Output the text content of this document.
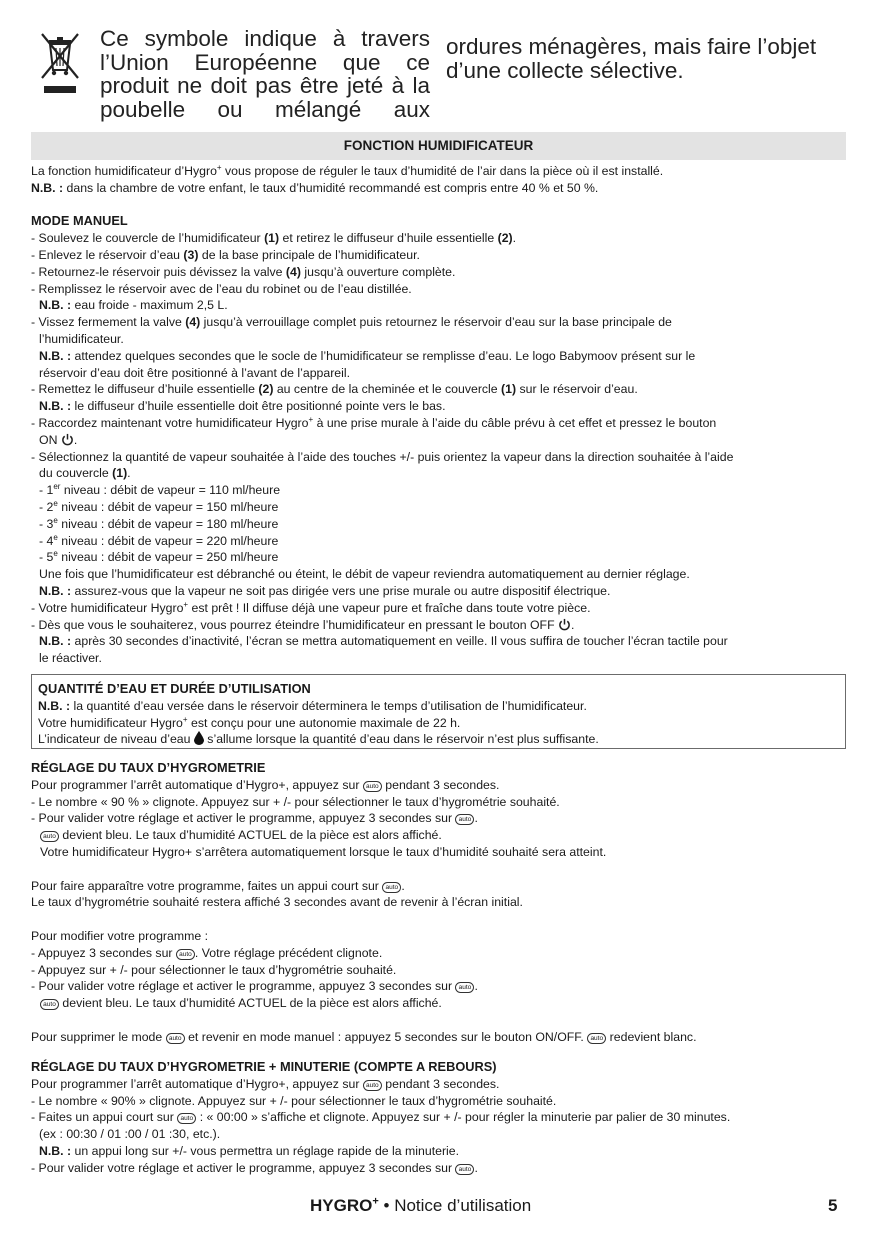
Ce symbole indique à travers
l’Union Européenne que ce
produit ne doit pas être jeté à la
poubelle ou mélangé aux
ordures ménagères, mais faire l’objet
d’une collecte sélective.
FONCTION HUMIDIFICATEUR
La fonction humidificateur d’Hygro+ vous propose de réguler le taux d’humidité de l’air dans la pièce où il est installé.
N.B. : dans la chambre de votre enfant, le taux d’humidité recommandé est compris entre 40 % et 50 %.
MODE MANUEL
- Soulevez le couvercle de l’humidificateur (1) et retirez le diffuseur d’huile essentielle (2).
- Enlevez le réservoir d’eau (3) de la base principale de l’humidificateur.
- Retournez-le réservoir puis dévissez la valve (4) jusqu’à ouverture complète.
- Remplissez le réservoir avec de l’eau du robinet ou de l’eau distillée.
N.B. : eau froide - maximum 2,5 L.
- Vissez fermement la valve (4) jusqu’à verrouillage complet puis retournez le réservoir d’eau sur la base principale de
l’humidificateur.
N.B. : attendez quelques secondes que le socle de l’humidificateur se remplisse d’eau. Le logo Babymoov présent sur le
réservoir d’eau doit être positionné à l’avant de l’appareil.
- Remettez le diffuseur d’huile essentielle (2) au centre de la cheminée et le couvercle (1) sur le réservoir d’eau.
N.B. : le diffuseur d’huile essentielle doit être positionné pointe vers le bas.
- Raccordez maintenant votre humidificateur Hygro+ à une prise murale à l’aide du câble prévu à cet effet et pressez le bouton
ON .
- Sélectionnez la quantité de vapeur souhaitée à l’aide des touches +/- puis orientez la vapeur dans la direction souhaitée à l’aide
du couvercle (1).
- 1er niveau : débit de vapeur = 110 ml/heure
- 2e niveau : débit de vapeur = 150 ml/heure
- 3e niveau : débit de vapeur = 180 ml/heure
- 4e niveau : débit de vapeur = 220 ml/heure
- 5e niveau : débit de vapeur = 250 ml/heure
Une fois que l’humidificateur est débranché ou éteint, le débit de vapeur reviendra automatiquement au dernier réglage.
N.B. : assurez-vous que la vapeur ne soit pas dirigée vers une prise murale ou autre dispositif électrique.
- Votre humidificateur Hygro+ est prêt ! Il diffuse déjà une vapeur pure et fraîche dans toute votre pièce.
- Dès que vous le souhaiterez, vous pourrez éteindre l’humidificateur en pressant le bouton OFF .
N.B. : après 30 secondes d’inactivité, l’écran se mettra automatiquement en veille. Il vous suffira de toucher l’écran tactile pour
le réactiver.
QUANTITÉ D’EAU ET DURÉE D’UTILISATION
N.B. : la quantité d’eau versée dans le réservoir déterminera le temps d’utilisation de l’humidificateur.
Votre humidificateur Hygro+ est conçu pour une autonomie maximale de 22 h.
L’indicateur de niveau d’eau  s’allume lorsque la quantité d’eau dans le réservoir n’est plus suffisante.
RÉGLAGE DU TAUX D’HYGROMETRIE
Pour programmer l’arrêt automatique d’Hygro+, appuyez sur auto pendant 3 secondes.
- Le nombre « 90 % » clignote. Appuyez sur + /- pour sélectionner le taux d’hygrométrie souhaité.
- Pour valider votre réglage et activer le programme, appuyez 3 secondes sur auto .
auto devient bleu. Le taux d’humidité ACTUEL de la pièce est alors affiché.
Votre humidificateur Hygro+ s’arrêtera automatiquement lorsque le taux d’humidité souhaité sera atteint.
Pour faire apparaître votre programme, faites un appui court sur auto .
Le taux d’hygrométrie souhaité restera affiché 3 secondes avant de revenir à l’écran initial.
Pour modifier votre programme :
- Appuyez 3 secondes sur auto . Votre réglage précédent clignote.
- Appuyez sur + /- pour sélectionner le taux d’hygrométrie souhaité.
- Pour valider votre réglage et activer le programme, appuyez 3 secondes sur auto .
auto devient bleu. Le taux d’humidité ACTUEL de la pièce est alors affiché.
Pour supprimer le mode auto et revenir en mode manuel : appuyez 5 secondes sur le bouton ON/OFF. auto redevient blanc.
RÉGLAGE DU TAUX D’HYGROMETRIE + MINUTERIE (COMPTE A REBOURS)
Pour programmer l’arrêt automatique d’Hygro+, appuyez sur auto pendant 3 secondes.
- Le nombre « 90% » clignote. Appuyez sur + /- pour sélectionner le taux d’hygrométrie souhaité.
- Faites un appui court sur auto : « 00:00 » s’affiche et clignote. Appuyez sur + /- pour régler la minuterie par palier de 30 minutes.
(ex : 00:30 / 01 :00 / 01 :30, etc.).
N.B. : un appui long sur +/- vous permettra un réglage rapide de la minuterie.
- Pour valider votre réglage et activer le programme, appuyez 3 secondes sur auto .
HYGRO+ • Notice d’utilisation	5
